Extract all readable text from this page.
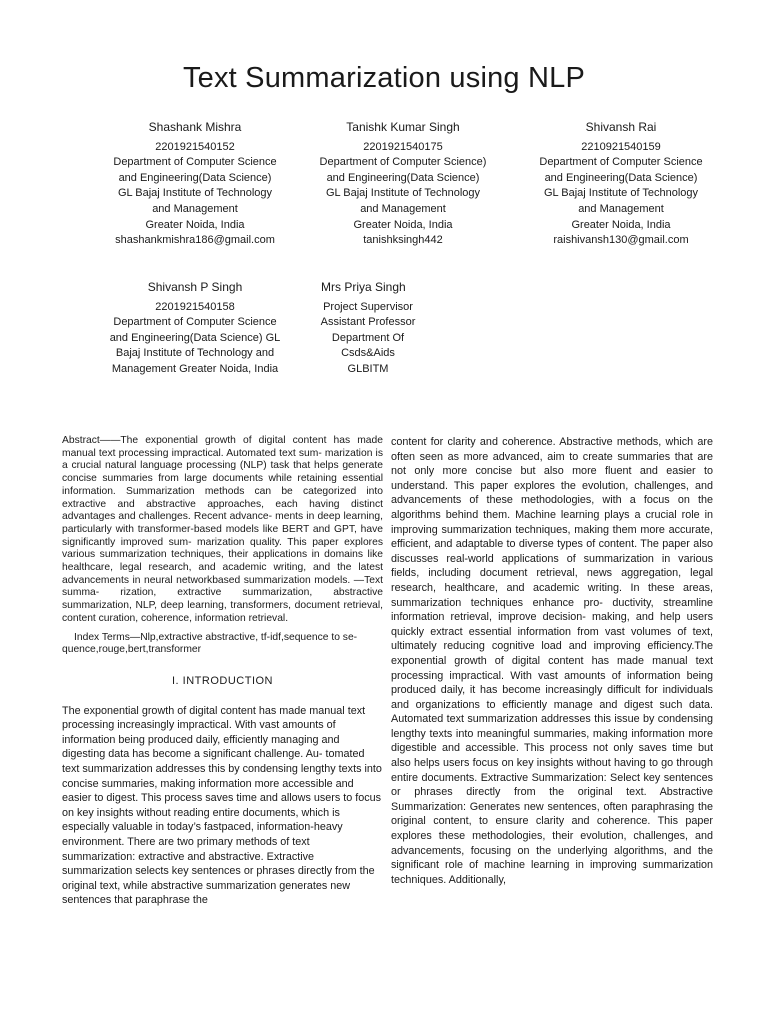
Text Summarization using NLP
Shashank Mishra
2201921540152
Department of Computer Science
and Engineering(Data Science)
GL Bajaj Institute of Technology
and Management
Greater Noida, India
shashankmishra186@gmail.com
Tanishk Kumar Singh
2201921540175
Department of Computer Science)
and Engineering(Data Science)
GL Bajaj Institute of Technology
and Management
Greater Noida, India
tanishksingh442
Shivansh Rai
2210921540159
Department of Computer Science
and Engineering(Data Science)
GL Bajaj Institute of Technology
and Management
Greater Noida, India
raishivansh130@gmail.com
Shivansh P Singh
2201921540158
Department of Computer Science
and Engineering(Data Science) GL
Bajaj Institute of Technology and
Management Greater Noida, India
Mrs Priya Singh
Project Supervisor
Assistant Professor
Department Of
Csds&Aids
GLBITM

Abstract——The exponential growth of digital content has made manual text processing impractical. Automated text sum- marization is a crucial natural language processing (NLP) task that helps generate concise summaries from large documents while retaining essential information. Summarization methods can be categorized into extractive and abstractive approaches, each having distinct advantages and challenges. Recent advance- ments in deep learning, particularly with transformer-based models like BERT and GPT, have significantly improved sum- marization quality. This paper explores various summarization techniques, their applications in domains like healthcare, legal research, and academic writing, and the latest advancements in neural networkbased summarization models. —Text summa- rization, extractive summarization, abstractive summarization, NLP, deep learning, transformers, document retrieval, content curation, coherence, information retrieval.

Index Terms—Nlp,extractive abstractive, tf-idf,sequence to se- quence,rouge,bert,transformer

I. INTRODUCTION

The exponential growth of digital content has made manual text processing increasingly impractical. With vast amounts of information being produced daily, efficiently managing and digesting data has become a significant challenge. Au- tomated text summarization addresses this by condensing lengthy texts into concise summaries, making information more accessible and easier to digest. This process saves time and allows users to focus on key insights without reading entire documents, which is especially valuable in today’s fastpaced, information-heavy environment. There are two primary methods of text summarization: extractive and abstractive. Extractive summarization selects key sentences or phrases directly from the original text, while abstractive summarization generates new sentences that paraphrase the

content for clarity and coherence. Abstractive methods, which are often seen as more advanced, aim to create summaries that are not only more concise but also more fluent and easier to understand. This paper explores the evolution, challenges, and advancements of these methodologies, with a focus on the algorithms behind them. Machine learning plays a crucial role in improving summarization techniques, making them more accurate, efficient, and adaptable to diverse types of content. The paper also discusses real-world applications of summarization in various fields, including document retrieval, news aggregation, legal research, healthcare, and academic writing. In these areas, summarization techniques enhance pro- ductivity, streamline information retrieval, improve decision- making, and help users quickly extract essential information from vast volumes of text, ultimately reducing cognitive load and improving efficiency.The exponential growth of digital content has made manual text processing impractical. With vast amounts of information being produced daily, it has become increasingly difficult for individuals and organizations to efficiently manage and digest such data. Automated text summarization addresses this issue by condensing lengthy texts into meaningful summaries, making information more digestible and accessible. This process not only saves time but also helps users focus on key insights without having to go through entire documents. Extractive Summarization: Select key sentences or phrases directly from the original text. Abstractive Summarization: Generates new sentences, often paraphrasing the original content, to ensure clarity and coherence. This paper explores these methodologies, their evolution, challenges, and advancements, focusing on the underlying algorithms, and the significant role of machine learning in improving summarization techniques. Additionally,
